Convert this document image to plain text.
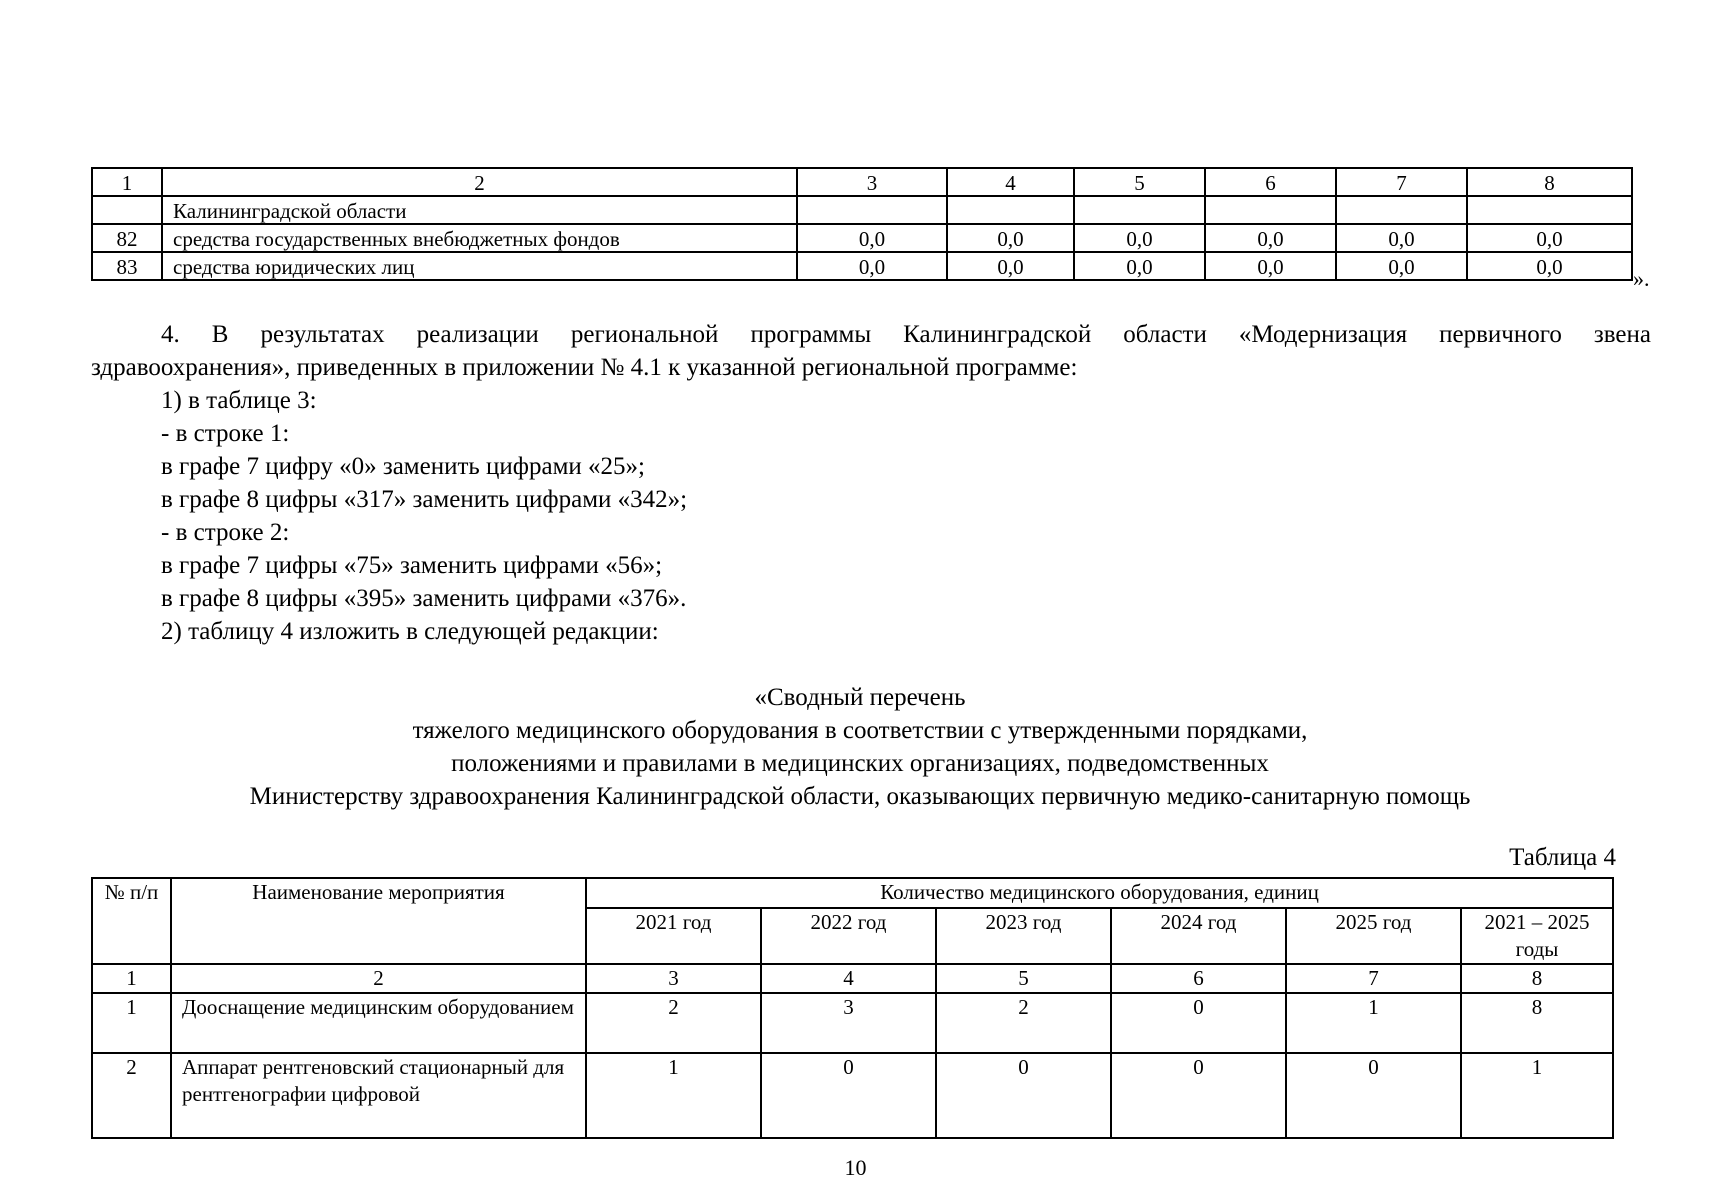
1	2	3	4	5	6	7	8
	Калининградской области						
82	средства государственных внебюджетных фондов	0,0	0,0	0,0	0,0	0,0	0,0
83	средства юридических лиц	0,0	0,0	0,0	0,0	0,0	0,0	».
4. В результатах реализации региональной программы Калининградской области «Модернизация первичного звена
здравоохранения», приведенных в приложении № 4.1 к указанной региональной программе:
1) в таблице 3:
- в строке 1:
в графе 7 цифру «0» заменить цифрами «25»;
в графе 8 цифры «317» заменить цифрами «342»;
- в строке 2:
в графе 7 цифры «75» заменить цифрами «56»;
в графе 8 цифры «395» заменить цифрами «376».
2) таблицу 4 изложить в следующей редакции:
«Сводный перечень
тяжелого медицинского оборудования в соответствии с утвержденными порядками,
положениями и правилами в медицинских организациях, подведомственных
Министерству здравоохранения Калининградской области, оказывающих первичную медико-санитарную помощь
Таблица 4
№ п/п	Наименование мероприятия	Количество медицинского оборудования, единиц					
		2021 год	2022 год	2023 год	2024 год	2025 год	2021 – 2025 годы
1	2	3	4	5	6	7	8
1	Дооснащение медицинским оборудованием	2	3	2	0	1	8
2	Аппарат рентгеновский стационарный для рентгенографии цифровой	1	0	0	0	0	1
10
